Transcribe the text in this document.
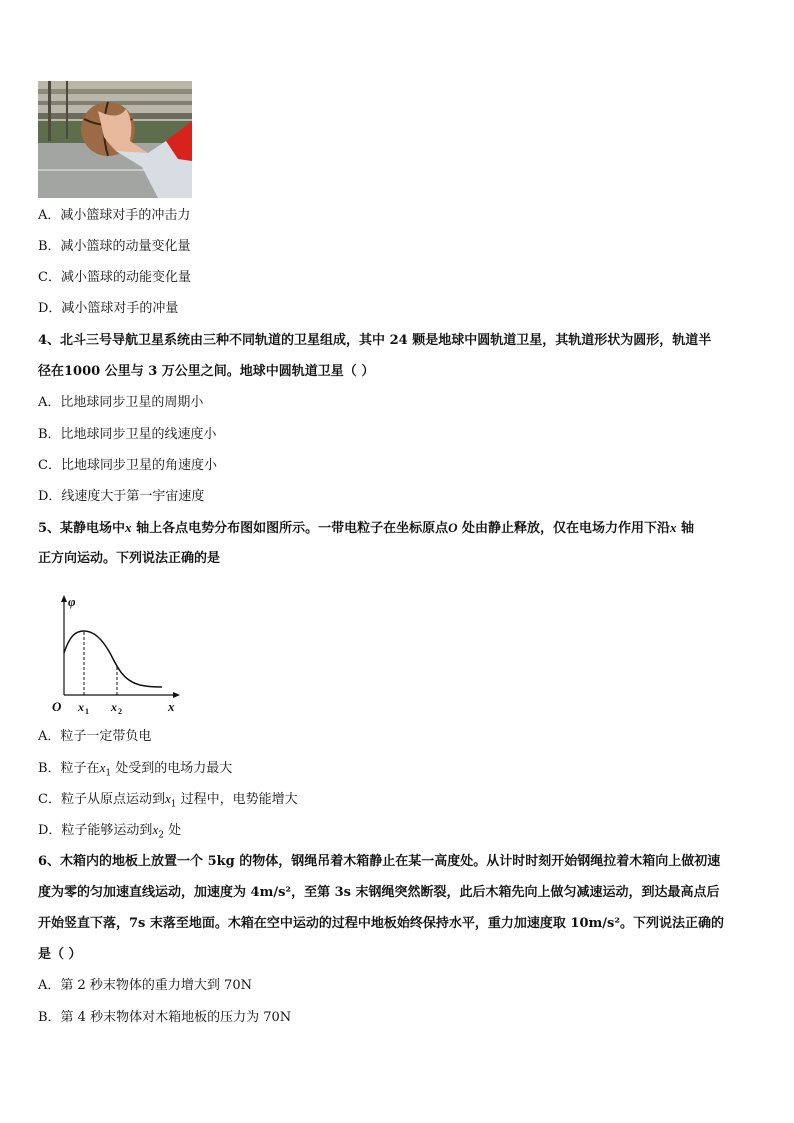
A．减小篮球对手的冲击力
B．减小篮球的动量变化量
C．减小篮球的动能变化量
D．减小篮球对手的冲量
4、北斗三号导航卫星系统由三种不同轨道的卫星组成，其中 24 颗是地球中圆轨道卫星，其轨道形状为圆形，轨道半
径在1000 公里与 3 万公里之间。地球中圆轨道卫星（ ）
A．比地球同步卫星的周期小
B．比地球同步卫星的线速度小
C．比地球同步卫星的角速度小
D．线速度大于第一宇宙速度
5、某静电场中x 轴上各点电势分布图如图所示。一带电粒子在坐标原点O 处由静止释放，仅在电场力作用下沿x 轴
正方向运动。下列说法正确的是
φ
O	x
x 1 x 2
A．粒子一定带负电
B．粒子在$x_1$ 处受到的电场力最大
C．粒子从原点运动到$x_1$ 过程中，电势能增大
D．粒子能够运动到$x_2$ 处
6、木箱内的地板上放置一个 5kg 的物体，钢绳吊着木箱静止在某一高度处。从计时时刻开始钢绳拉着木箱向上做初速
度为零的匀加速直线运动，加速度为 4m/s²，至第 3s 末钢绳突然断裂，此后木箱先向上做匀减速运动，到达最高点后
开始竖直下落，7s 末落至地面。木箱在空中运动的过程中地板始终保持水平，重力加速度取 10m/s²。下列说法正确的
是（ ）
A．第 2 秒末物体的重力增大到 70N
B．第 4 秒末物体对木箱地板的压力为 70N
